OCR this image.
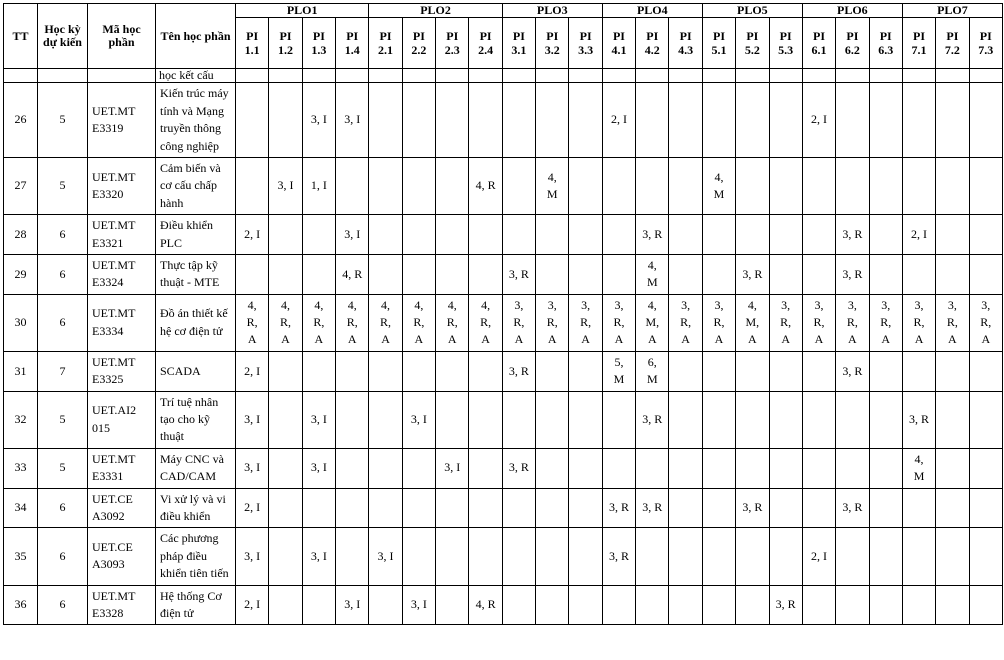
TT	Học kỳ dự kiến	Mã học phần	Tên học phần	PLO1				PLO2				PLO3			PLO4			PLO5			PLO6			PLO7		
				PI 1.1	PI 1.2	PI 1.3	PI 1.4	PI 2.1	PI 2.2	PI 2.3	PI 2.4	PI 3.1	PI 3.2	PI 3.3	PI 4.1	PI 4.2	PI 4.3	PI 5.1	PI 5.2	PI 5.3	PI 6.1	PI 6.2	PI 6.3	PI 7.1	PI 7.2	PI 7.3
			học kết cấu																							
26	5	UET.MT E3319	Kiến trúc máy tính và Mạng truyền thông công nghiệp			3, I	3, I								2, I						2, I					
27	5	UET.MT E3320	Cảm biến và cơ cấu chấp hành		3, I	1, I					4, R		4, M					4, M								
28	6	UET.MT E3321	Điều khiển PLC	2, I			3, I									3, R						3, R		2, I		
29	6	UET.MT E3324	Thực tập kỹ thuật - MTE				4, R					3, R				4, M			3, R			3, R				
30	6	UET.MT E3334	Đồ án thiết kế hệ cơ điện tử	4, R, A	4, R, A	4, R, A	4, R, A	4, R, A	4, R, A	4, R, A	4, R, A	3, R, A	3, R, A	3, R, A	3, R, A	4, M, A	3, R, A	3, R, A	4, M, A	3, R, A	3, R, A	3, R, A	3, R, A	3, R, A	3, R, A	3, R, A
31	7	UET.MT E3325	SCADA	2, I								3, R			5, M	6, M						3, R				
32	5	UET.AI2 015	Trí tuệ nhân tạo cho kỹ thuật	3, I		3, I			3, I							3, R								3, R		
33	5	UET.MT E3331	Máy CNC và CAD/CAM	3, I		3, I				3, I		3, R												4, M		
34	6	UET.CE A3092	Vi xử lý và vi điều khiển	2, I											3, R	3, R			3, R			3, R				
35	6	UET.CE A3093	Các phương pháp điều khiển tiên tiến	3, I		3, I		3, I							3, R						2, I					
36	6	UET.MT E3328	Hệ thống Cơ điện tử	2, I			3, I		3, I		4, R									3, R						
